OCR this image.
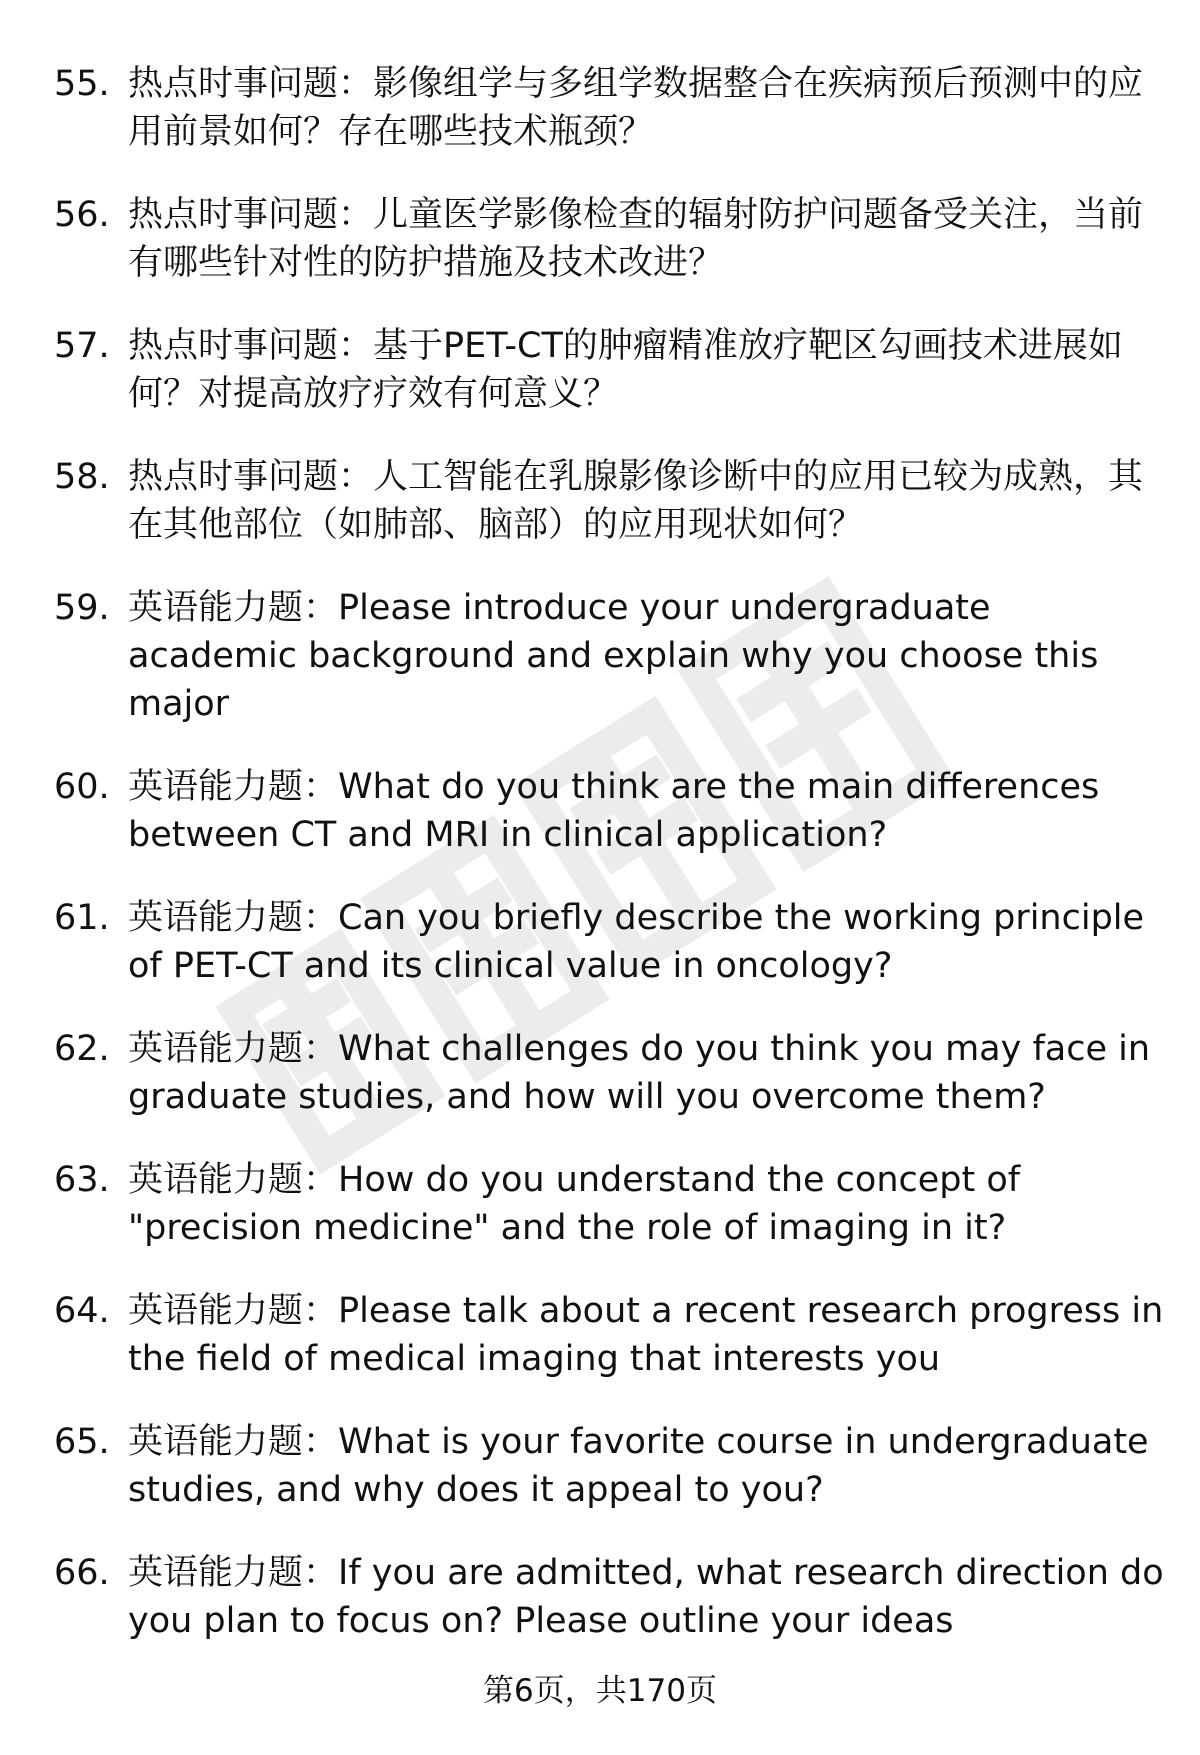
55. 热点时事问题：影像组学与多组学数据整合在疾病预后预测中的应用前景如何？存在哪些技术瓶颈？
56. 热点时事问题：儿童医学影像检查的辐射防护问题备受关注，当前有哪些针对性的防护措施及技术改进？
57. 热点时事问题：基于PET-CT的肿瘤精准放疗靶区勾画技术进展如何？对提高放疗疗效有何意义？
58. 热点时事问题：人工智能在乳腺影像诊断中的应用已较为成熟，其在其他部位（如肺部、脑部）的应用现状如何？
59. 英语能力题：Please introduce your undergraduate academic background and explain why you choose this major
60. 英语能力题：What do you think are the main differences between CT and MRI in clinical application?
61. 英语能力题：Can you briefly describe the working principle of PET-CT and its clinical value in oncology?
62. 英语能力题：What challenges do you think you may face in graduate studies, and how will you overcome them?
63. 英语能力题：How do you understand the concept of "precision medicine" and the role of imaging in it?
64. 英语能力题：Please talk about a recent research progress in the field of medical imaging that interests you
65. 英语能力题：What is your favorite course in undergraduate studies, and why does it appeal to you?
66. 英语能力题：If you are admitted, what research direction do you plan to focus on? Please outline your ideas
第6页，共170页
